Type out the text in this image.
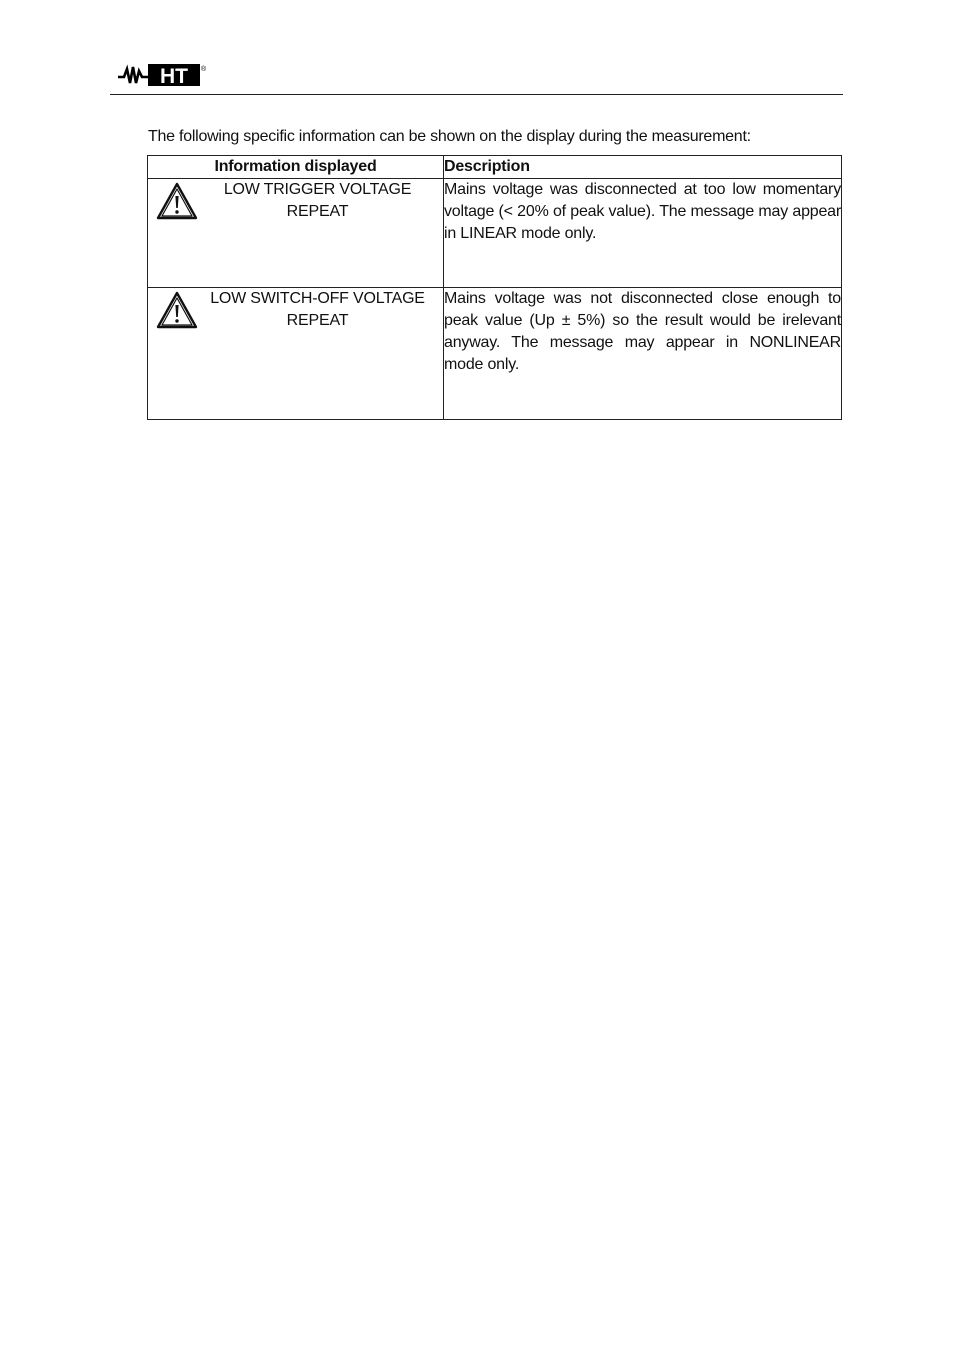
HT ®
The following specific information can be shown on the display during the measurement:
Information displayed	Description

LOW TRIGGER VOLTAGE
REPEAT	Mains voltage was disconnected at too low momentary voltage (< 20% of peak value). The message may appear in LINEAR mode only.

LOW SWITCH-OFF VOLTAGE
REPEAT	Mains voltage was not disconnected close enough to peak value (Up ± 5%) so the result would be irelevant anyway. The message may appear in NONLINEAR mode only.
